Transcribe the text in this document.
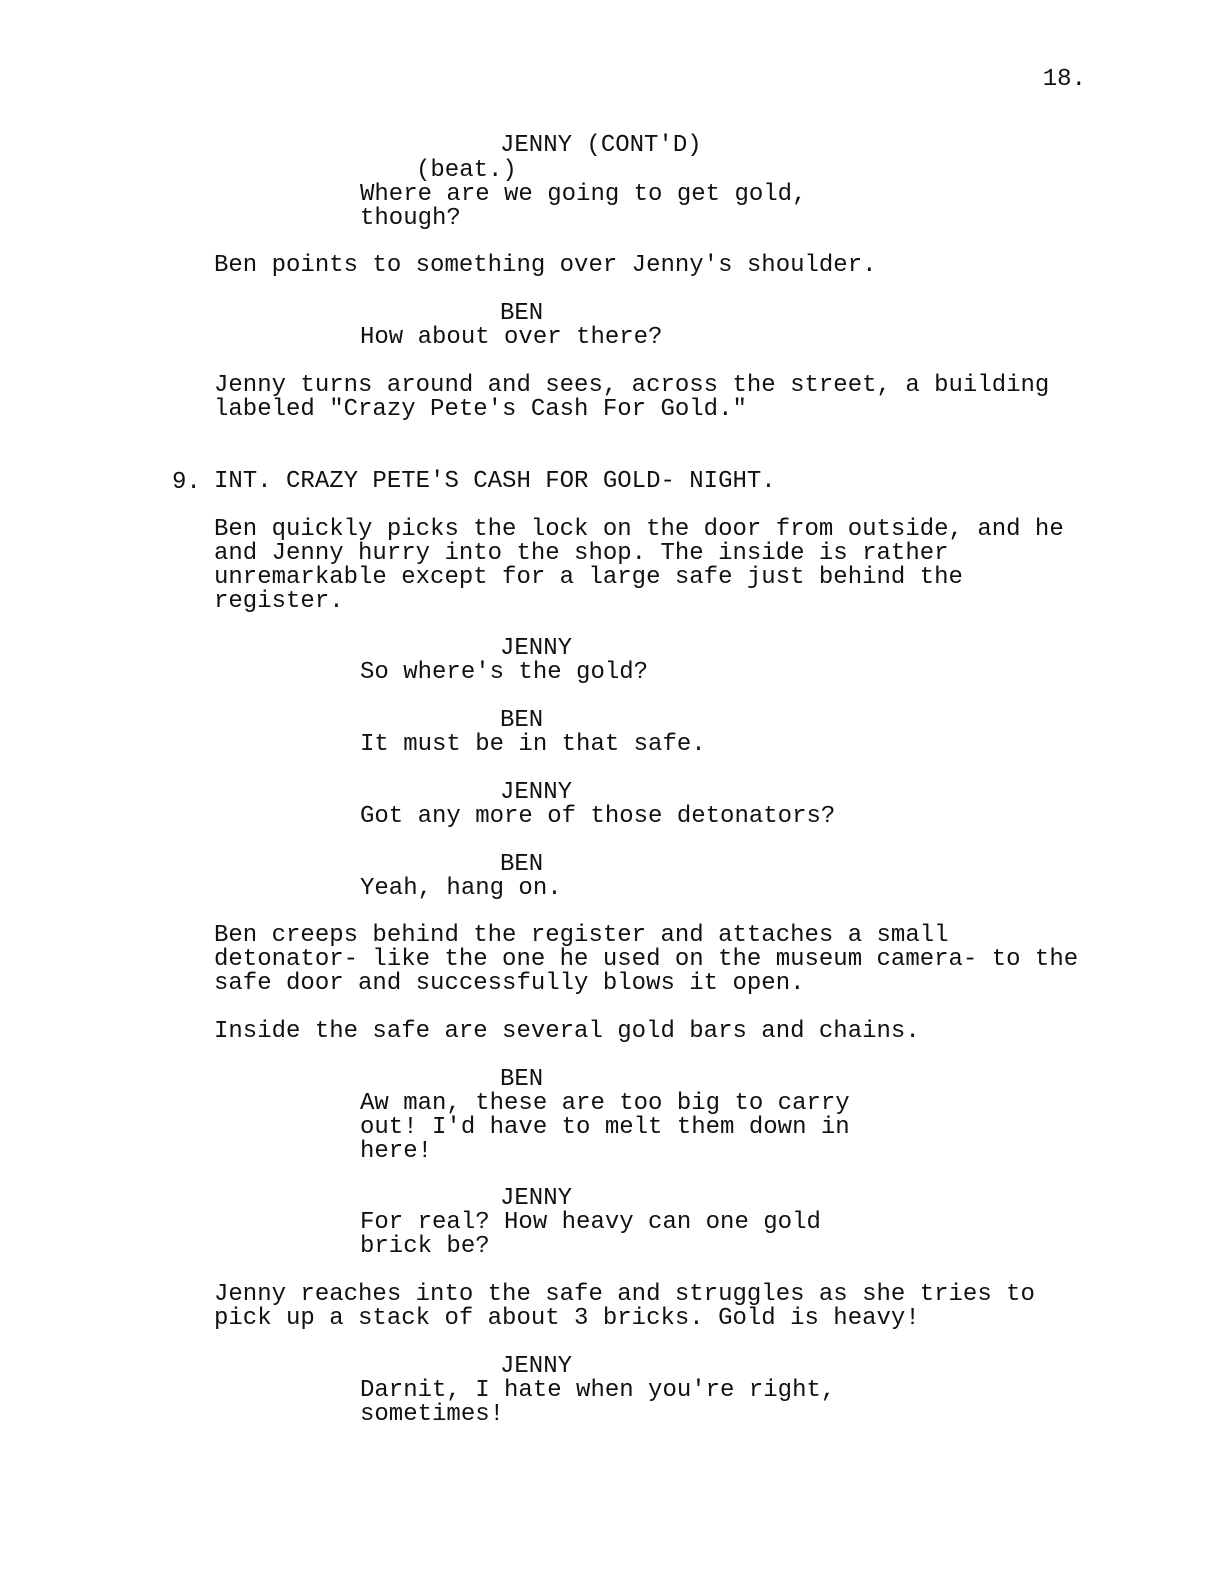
18.
JENNY (CONT'D)
(beat.)
Where are we going to get gold,
though?
Ben points to something over Jenny's shoulder.
BEN
How about over there?
Jenny turns around and sees, across the street, a building
labeled "Crazy Pete's Cash For Gold."
9. INT. CRAZY PETE'S CASH FOR GOLD- NIGHT.
Ben quickly picks the lock on the door from outside, and he
and Jenny hurry into the shop. The inside is rather
unremarkable except for a large safe just behind the
register.
JENNY
So where's the gold?
BEN
It must be in that safe.
JENNY
Got any more of those detonators?
BEN
Yeah, hang on.
Ben creeps behind the register and attaches a small
detonator- like the one he used on the museum camera- to the
safe door and successfully blows it open.
Inside the safe are several gold bars and chains.
BEN
Aw man, these are too big to carry
out! I'd have to melt them down in
here!
JENNY
For real? How heavy can one gold
brick be?
Jenny reaches into the safe and struggles as she tries to
pick up a stack of about 3 bricks. Gold is heavy!
JENNY
Darnit, I hate when you're right,
sometimes!
